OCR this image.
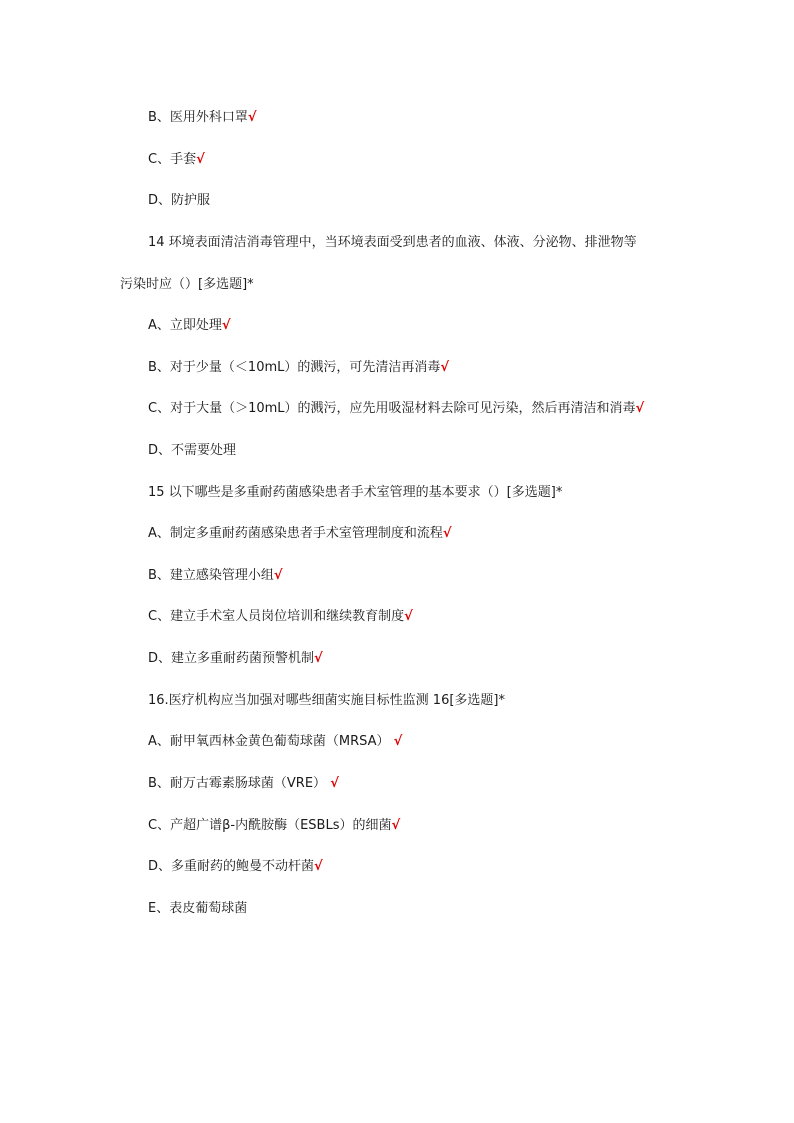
B、医用外科口罩√
C、手套√
D、防护服
14 环境表面清洁消毒管理中，当环境表面受到患者的血液、体液、分泌物、排泄物等
污染时应（）[多选题]*
A、立即处理√
B、对于少量（＜10mL）的溅污，可先清洁再消毒√
C、对于大量（＞10mL）的溅污，应先用吸湿材料去除可见污染，然后再清洁和消毒√
D、不需要处理
15 以下哪些是多重耐药菌感染患者手术室管理的基本要求（）[多选题]*
A、制定多重耐药菌感染患者手术室管理制度和流程√
B、建立感染管理小组√
C、建立手术室人员岗位培训和继续教育制度√
D、建立多重耐药菌预警机制√
16.医疗机构应当加强对哪些细菌实施目标性监测 16[多选题]*
A、耐甲氧西林金黄色葡萄球菌（MRSA） √
B、耐万古霉素肠球菌（VRE） √
C、产超广谱β-内酰胺酶（ESBLs）的细菌√
D、多重耐药的鲍曼不动杆菌√
E、表皮葡萄球菌
